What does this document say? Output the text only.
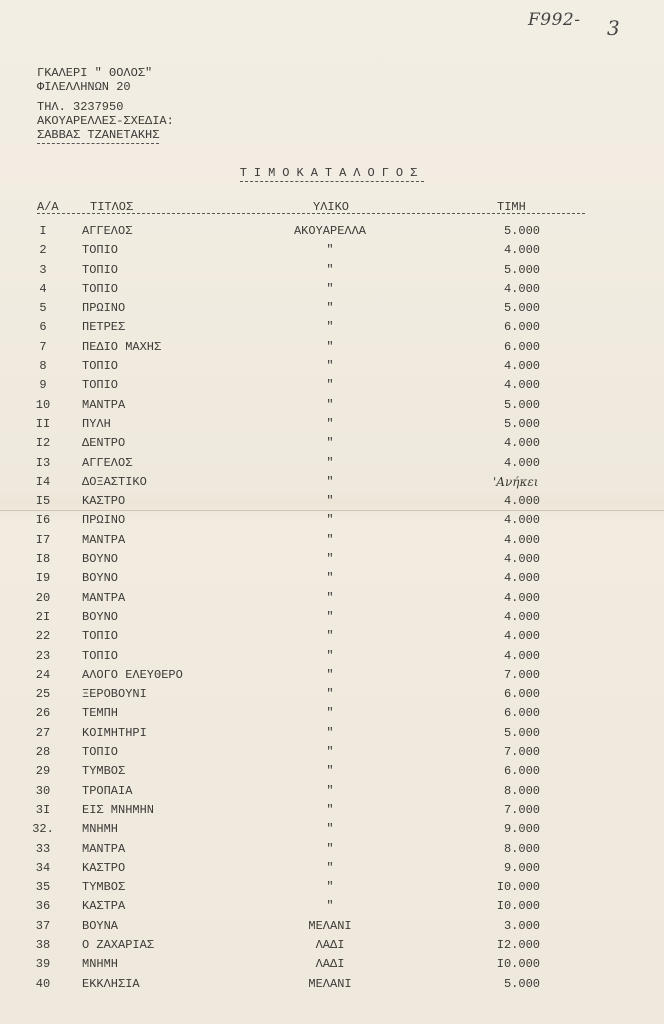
F992- 3
ΓΚΑΛΕΡΙ " ΘΟΛΟΣ"
ΦΙΛΕΛΛΗΝΩΝ 20
ΤΗΛ. 3237950
ΑΚΟΥΑΡΕΛΛΕΣ-ΣΧΕΔΙΑ:
ΣΑΒΒΑΣ ΤΖΑΝΕΤΑΚΗΣ
ΤΙΜΟΚΑΤΑΛΟΓΟΣ
Α/Α	ΤΙΤΛΟΣ	ΥΛΙΚΟ	ΤΙΜΗ
I	ΑΓΓΕΛΟΣ	ΑΚΟΥΑΡΕΛΛΑ	5.000
2	ΤΟΠΙΟ	"	4.000
3	ΤΟΠΙΟ	"	5.000
4	ΤΟΠΙΟ	"	4.000
5	ΠΡΩΙΝΟ	"	5.000
6	ΠΕΤΡΕΣ	"	6.000
7	ΠΕΔΙΟ ΜΑΧΗΣ	"	6.000
8	ΤΟΠΙΟ	"	4.000
9	ΤΟΠΙΟ	"	4.000
10	ΜΑΝΤΡΑ	"	5.000
II	ΠΥΛΗ	"	5.000
I2	ΔΕΝΤΡΟ	"	4.000
I3	ΑΓΓΕΛΟΣ	"	4.000
I4	ΔΟΞΑΣΤΙΚΟ	"	'Ανήκει
I5	ΚΑΣΤΡΟ	"	4.000
I6	ΠΡΩΙΝΟ	"	4.000
I7	ΜΑΝΤΡΑ	"	4.000
I8	ΒΟΥΝΟ	"	4.000
I9	ΒΟΥΝΟ	"	4.000
20	ΜΑΝΤΡΑ	"	4.000
2I	ΒΟΥΝΟ	"	4.000
22	ΤΟΠΙΟ	"	4.000
23	ΤΟΠΙΟ	"	4.000
24	ΑΛΟΓΟ ΕΛΕΥΘΕΡΟ	"	7.000
25	ΞΕΡΟΒΟΥΝΙ	"	6.000
26	ΤΕΜΠΗ	"	6.000
27	ΚΟΙΜΗΤΗΡΙ	"	5.000
28	ΤΟΠΙΟ	"	7.000
29	ΤΥΜΒΟΣ	"	6.000
30	ΤΡΟΠΑΙΑ	"	8.000
3I	ΕΙΣ ΜΝΗΜΗΝ	"	7.000
32. ΜΝΗΜΗ	"	9.000
33	ΜΑΝΤΡΑ	"	8.000
34	ΚΑΣΤΡΟ	"	9.000
35	ΤΥΜΒΟΣ	"	I0.000
36	ΚΑΣΤΡΑ	"	I0.000
37	ΒΟΥΝΑ	ΜΕΛΑΝΙ	3.000
38	Ο ΖΑΧΑΡΙΑΣ	ΛΑΔΙ	I2.000
39	ΜΝΗΜΗ	ΛΑΔΙ	I0.000
40	ΕΚΚΛΗΣΙΑ	ΜΕΛΑΝΙ	5.000
